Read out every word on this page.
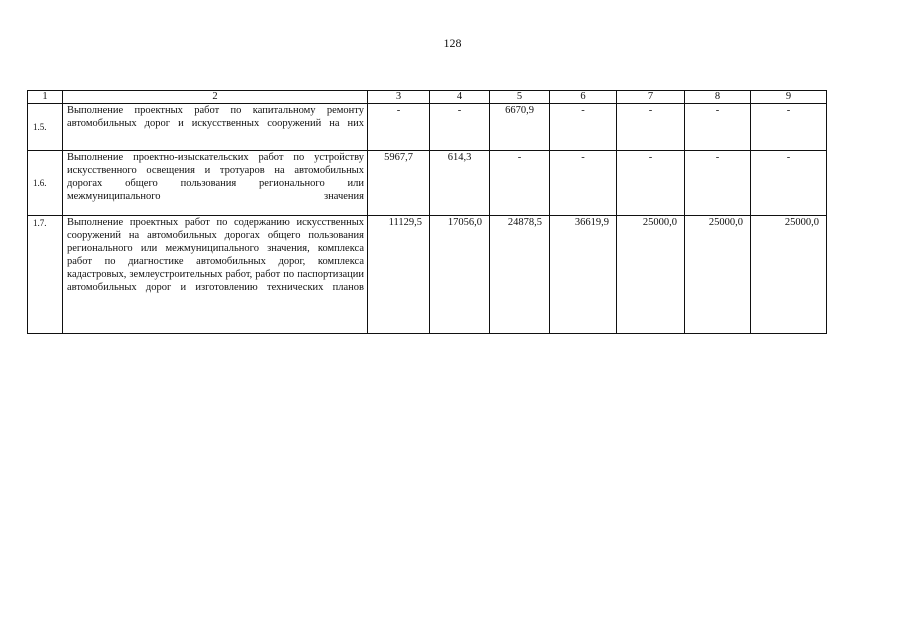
128
1	2	3	4	5	6	7	8	9
1.5.	Выполнение проектных работ по капитальному ремонту автомобильных дорог и искусственных сооружений на них	-	-	6670,9	-	-	-	-
1.6.	Выполнение проектно-изыскательских работ по устройству искусственного освещения и тротуаров на автомобильных дорогах общего пользования регионального или межмуниципального значения	5967,7	614,3	-	-	-	-	-
1.7.	Выполнение проектных работ по содержанию искусственных сооружений на автомобильных дорогах общего пользования регионального или межмуниципального значения, комплекса работ по диагностике автомобильных дорог, комплекса кадастровых, землеустроительных работ, работ по паспортизации автомобильных дорог и изготовлению технических планов	11129,5	17056,0	24878,5	36619,9	25000,0	25000,0	25000,0
